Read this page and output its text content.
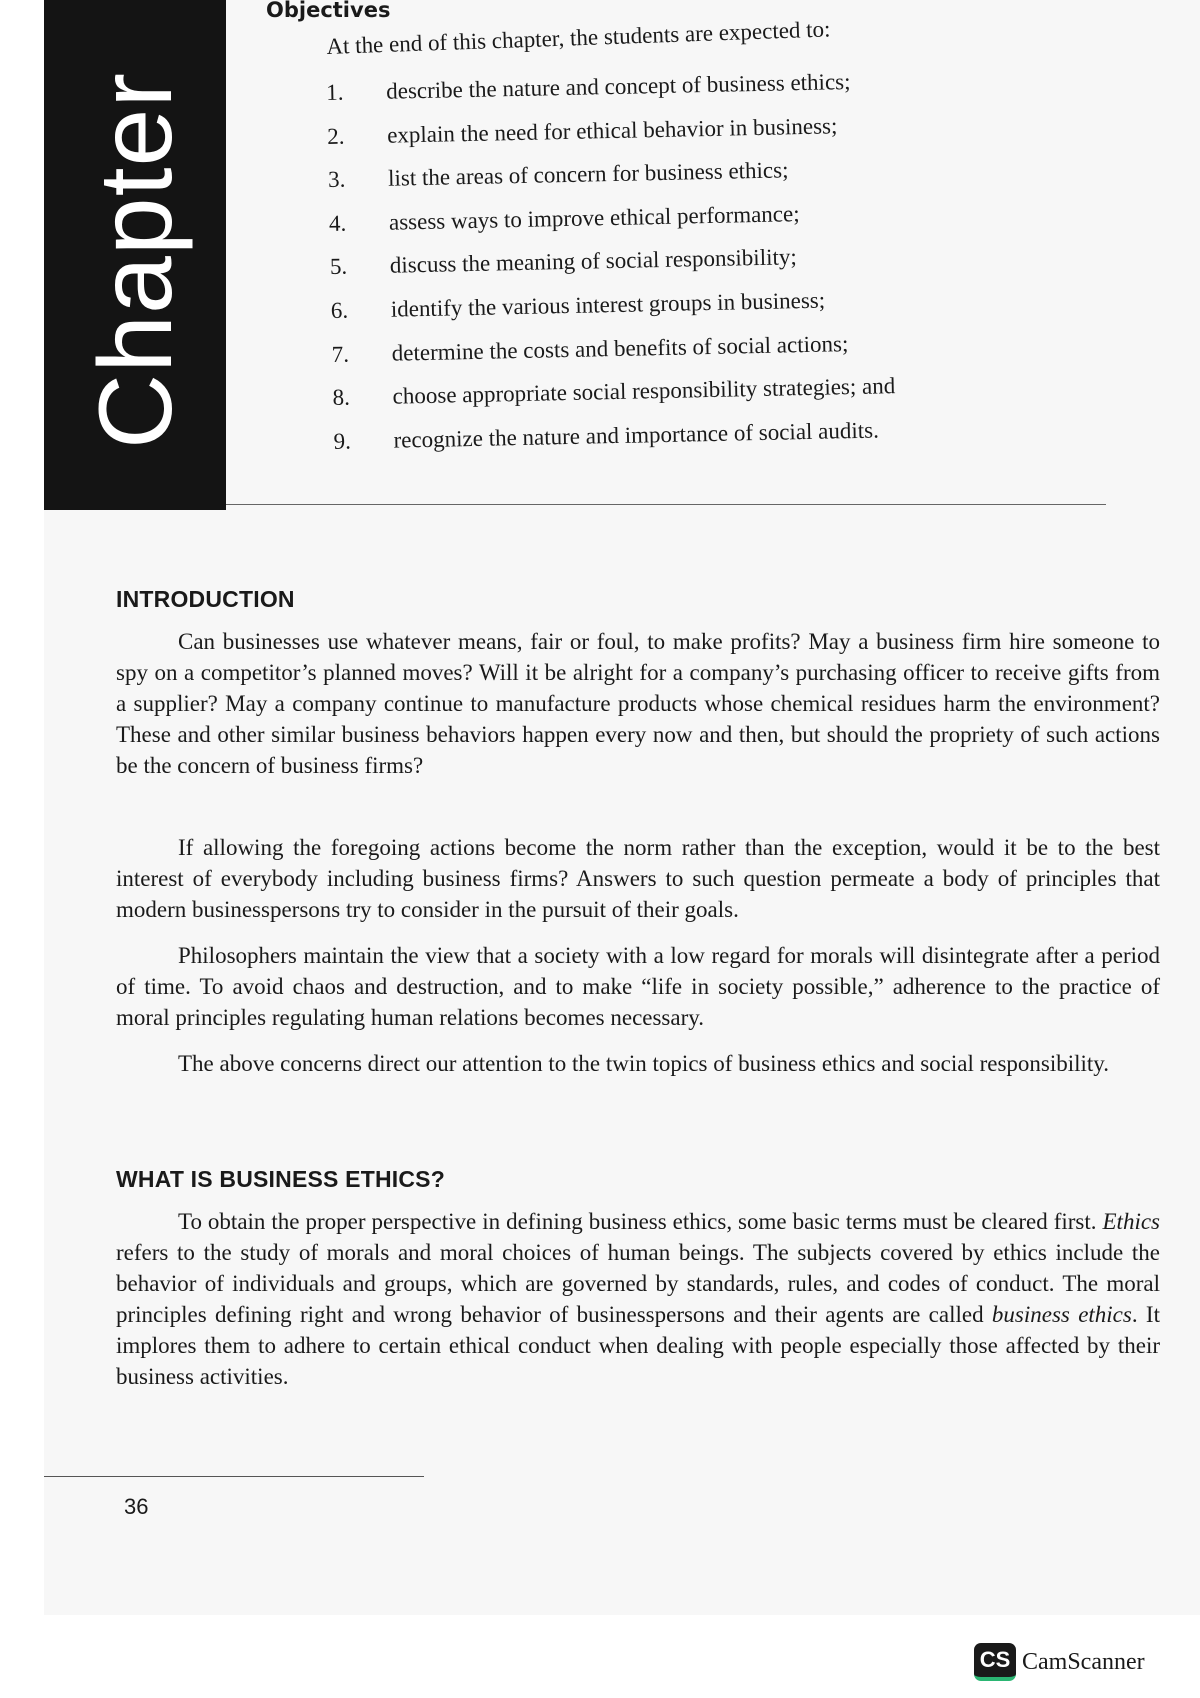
Chapter
Objectives
At the end of this chapter, the students are expected to:
1.	describe the nature and concept of business ethics;
2.	explain the need for ethical behavior in business;
3.	list the areas of concern for business ethics;
4.	assess ways to improve ethical performance;
5.	discuss the meaning of social responsibility;
6.	identify the various interest groups in business;
7.	determine the costs and benefits of social actions;
8.	choose appropriate social responsibility strategies; and
9.	recognize the nature and importance of social audits.
INTRODUCTION

Can businesses use whatever means, fair or foul, to make profits? May a business firm hire someone to spy on a competitor’s planned moves? Will it be alright for a company’s purchasing officer to receive gifts from a supplier? May a company continue to manufacture products whose chemical residues harm the environment? These and other similar business behaviors happen every now and then, but should the propriety of such actions be the concern of business firms?

If allowing the foregoing actions become the norm rather than the exception, would it be to the best interest of everybody including business firms? Answers to such question permeate a body of principles that modern businesspersons try to consider in the pursuit of their goals.

Philosophers maintain the view that a society with a low regard for morals will disintegrate after a period of time. To avoid chaos and destruction, and to make “life in society possible,” adherence to the practice of moral principles regulating human relations becomes necessary.

The above concerns direct our attention to the twin topics of business ethics and social responsibility.

WHAT IS BUSINESS ETHICS?

To obtain the proper perspective in defining business ethics, some basic terms must be cleared first. Ethics refers to the study of morals and moral choices of human beings. The subjects covered by ethics include the behavior of individuals and groups, which are governed by standards, rules, and codes of conduct. The moral principles defining right and wrong behavior of businesspersons and their agents are called business ethics. It implores them to adhere to certain ethical conduct when dealing with people especially those affected by their business activities.

36
CS CamScanner
